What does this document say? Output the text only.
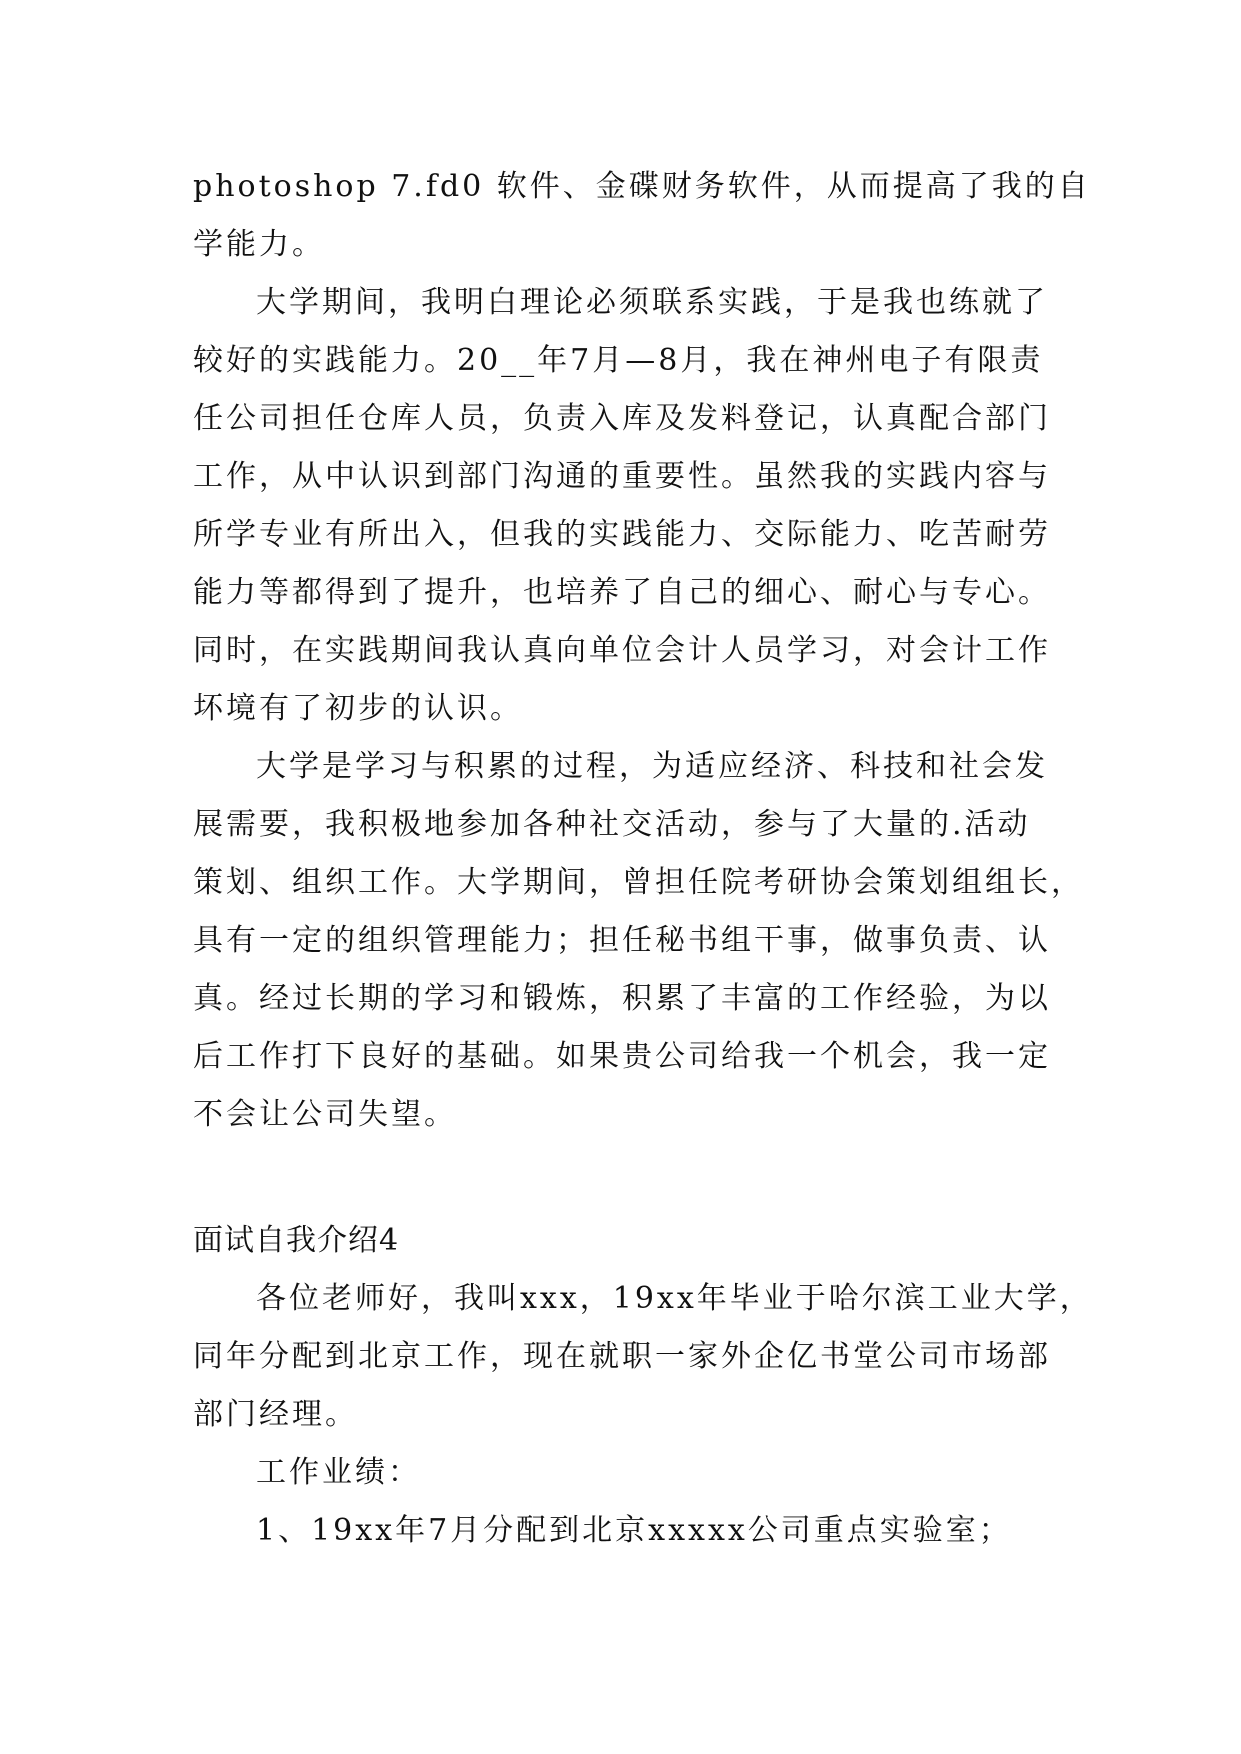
photoshop 7.fd0 软件、金碟财务软件，从而提高了我的自
学能力。
大学期间，我明白理论必须联系实践，于是我也练就了
较好的实践能力。20__年7月—8月，我在神州电子有限责
任公司担任仓库人员，负责入库及发料登记，认真配合部门
工作，从中认识到部门沟通的重要性。虽然我的实践内容与
所学专业有所出入，但我的实践能力、交际能力、吃苦耐劳
能力等都得到了提升，也培养了自己的细心、耐心与专心。
同时，在实践期间我认真向单位会计人员学习，对会计工作
坏境有了初步的认识。
大学是学习与积累的过程，为适应经济、科技和社会发
展需要，我积极地参加各种社交活动，参与了大量的.活动
策划、组织工作。大学期间，曾担任院考研协会策划组组长，
具有一定的组织管理能力；担任秘书组干事，做事负责、认
真。经过长期的学习和锻炼，积累了丰富的工作经验，为以
后工作打下良好的基础。如果贵公司给我一个机会，我一定
不会让公司失望。
面试自我介绍4
各位老师好，我叫xxx，19xx年毕业于哈尔滨工业大学，
同年分配到北京工作，现在就职一家外企亿书堂公司市场部
部门经理。
工作业绩：
1、19xx年7月分配到北京xxxxx公司重点实验室；
